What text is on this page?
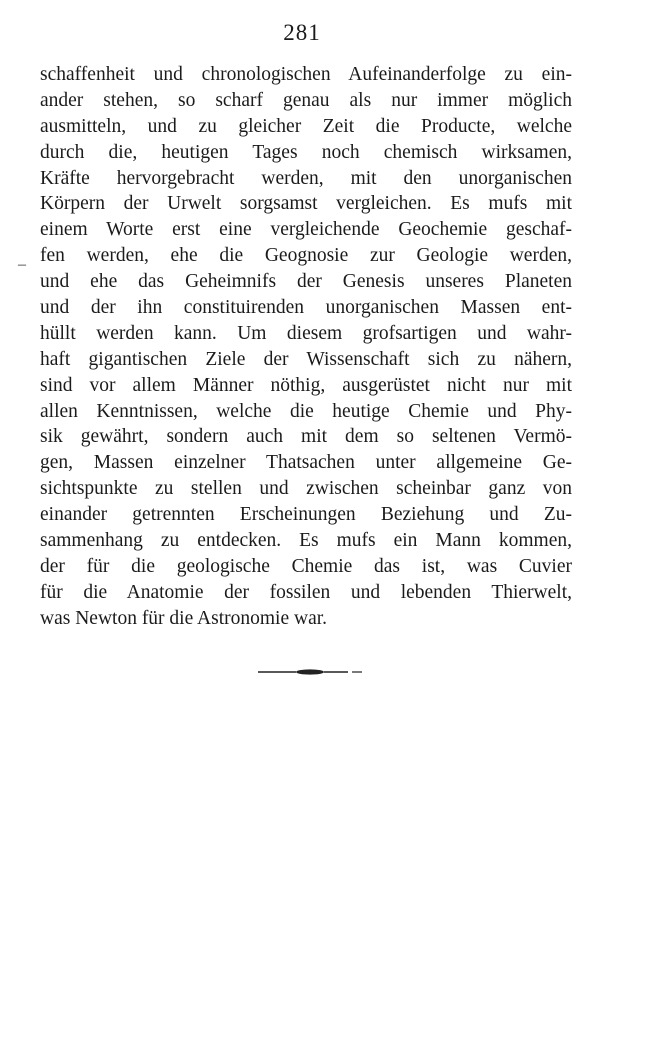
281
–
schaffenheit und chronologischen Aufeinanderfolge zu ein-
ander stehen, so scharf genau als nur immer möglich
ausmitteln, und zu gleicher Zeit die Producte, welche
durch die, heutigen Tages noch chemisch wirksamen,
Kräfte hervorgebracht werden, mit den unorganischen
Körpern der Urwelt sorgsamst vergleichen. Es mufs mit
einem Worte erst eine vergleichende Geochemie geschaf-
fen werden, ehe die Geognosie zur Geologie werden,
und ehe das Geheimnifs der Genesis unseres Planeten
und der ihn constituirenden unorganischen Massen ent-
hüllt werden kann. Um diesem grofsartigen und wahr-
haft gigantischen Ziele der Wissenschaft sich zu nähern,
sind vor allem Männer nöthig, ausgerüstet nicht nur mit
allen Kenntnissen, welche die heutige Chemie und Phy-
sik gewährt, sondern auch mit dem so seltenen Vermö-
gen, Massen einzelner Thatsachen unter allgemeine Ge-
sichtspunkte zu stellen und zwischen scheinbar ganz von
einander getrennten Erscheinungen Beziehung und Zu-
sammenhang zu entdecken. Es mufs ein Mann kommen,
der für die geologische Chemie das ist, was Cuvier
für die Anatomie der fossilen und lebenden Thierwelt,
was Newton für die Astronomie war.
